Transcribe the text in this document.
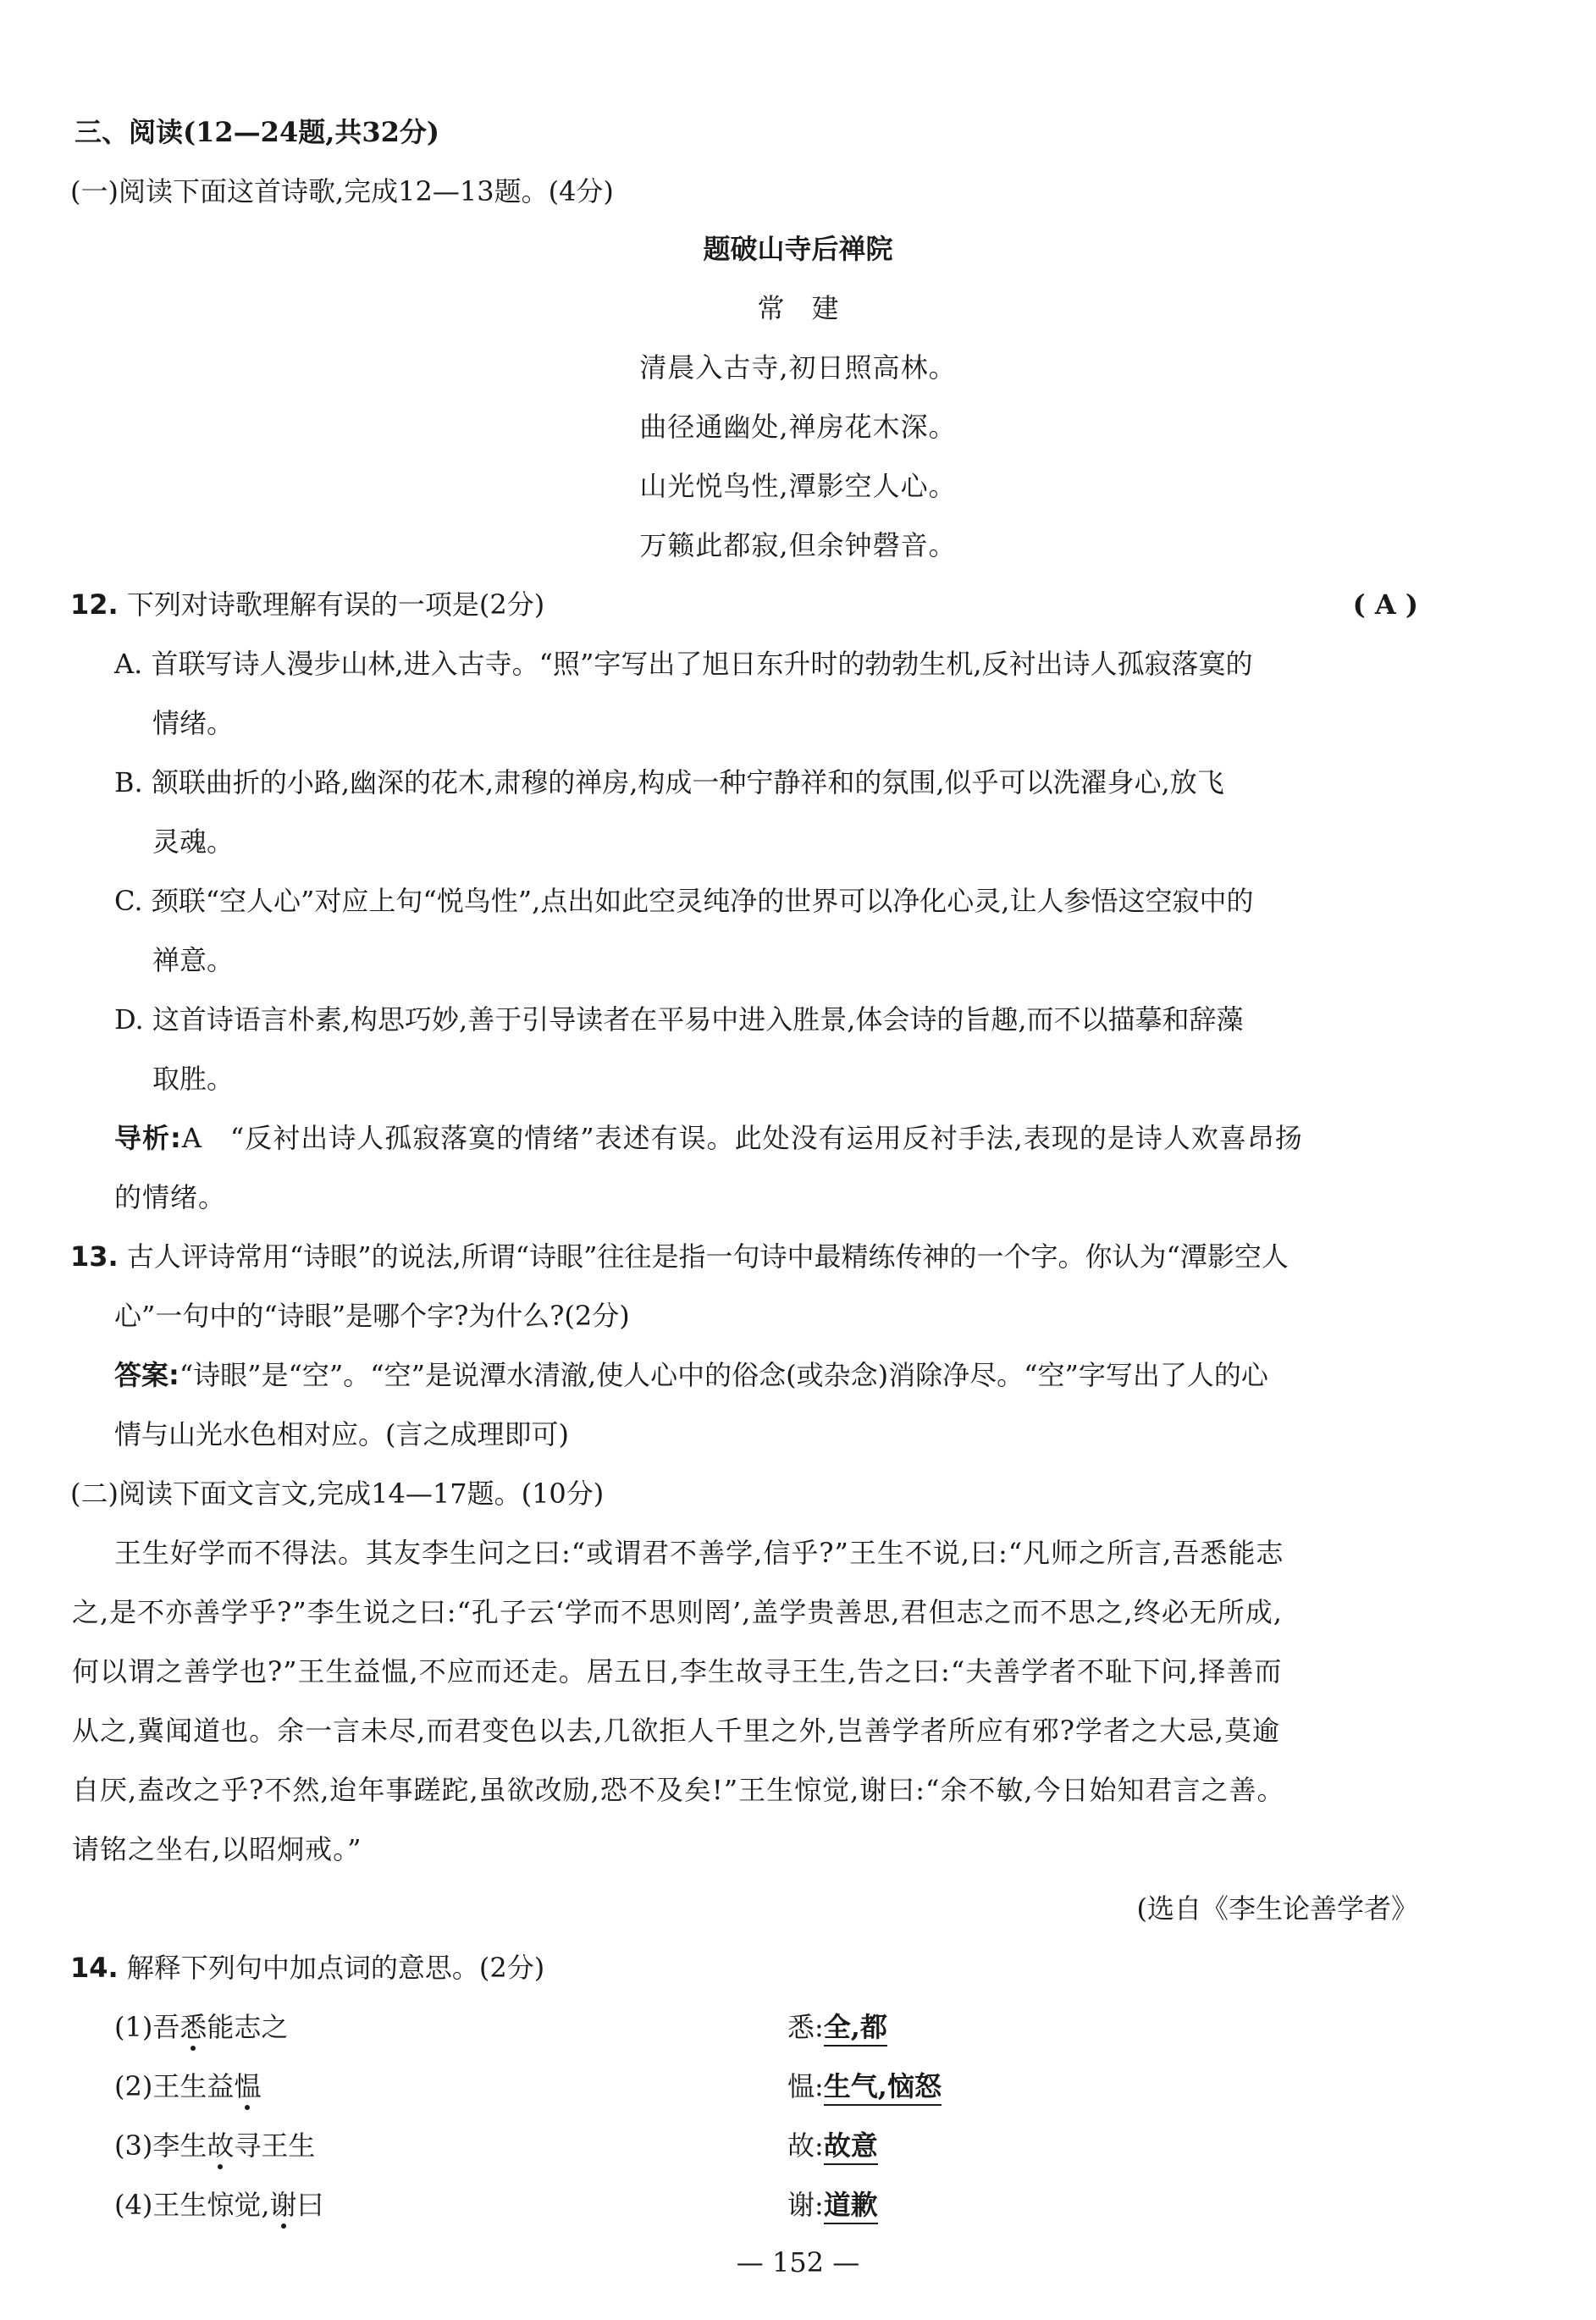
三、阅读(12—24题,共32分)
(一)阅读下面这首诗歌,完成12—13题。(4分)
题破山寺后禅院
常　建
清晨入古寺,初日照高林。
曲径通幽处,禅房花木深。
山光悦鸟性,潭影空人心。
万籁此都寂,但余钟磬音。
12. 下列对诗歌理解有误的一项是(2分)	( A )
A. 首联写诗人漫步山林,进入古寺。“照”字写出了旭日东升时的勃勃生机,反衬出诗人孤寂落寞的
情绪。
B. 颔联曲折的小路,幽深的花木,肃穆的禅房,构成一种宁静祥和的氛围,似乎可以洗濯身心,放飞
灵魂。
C. 颈联“空人心”对应上句“悦鸟性”,点出如此空灵纯净的世界可以净化心灵,让人参悟这空寂中的
禅意。
D. 这首诗语言朴素,构思巧妙,善于引导读者在平易中进入胜景,体会诗的旨趣,而不以描摹和辞藻
取胜。
导析:A　“反衬出诗人孤寂落寞的情绪”表述有误。此处没有运用反衬手法,表现的是诗人欢喜昂扬
的情绪。
13. 古人评诗常用“诗眼”的说法,所谓“诗眼”往往是指一句诗中最精练传神的一个字。你认为“潭影空人
心”一句中的“诗眼”是哪个字?为什么?(2分)
答案:“诗眼”是“空”。“空”是说潭水清澈,使人心中的俗念(或杂念)消除净尽。“空”字写出了人的心
情与山光水色相对应。(言之成理即可)
(二)阅读下面文言文,完成14—17题。(10分)
王生好学而不得法。其友李生问之曰:“或谓君不善学,信乎?”王生不说,曰:“凡师之所言,吾悉能志
之,是不亦善学乎?”李生说之曰:“孔子云‘学而不思则罔’,盖学贵善思,君但志之而不思之,终必无所成,
何以谓之善学也?”王生益愠,不应而还走。居五日,李生故寻王生,告之曰:“夫善学者不耻下问,择善而
从之,冀闻道也。余一言未尽,而君变色以去,几欲拒人千里之外,岂善学者所应有邪?学者之大忌,莫逾
自厌,盍改之乎?不然,迨年事蹉跎,虽欲改励,恐不及矣!”王生惊觉,谢曰:“余不敏,今日始知君言之善。
请铭之坐右,以昭炯戒。”
(选自《李生论善学者》
14. 解释下列句中加点词的意思。(2分)
(1)吾悉能志之	悉:全,都
(2)王生益愠	愠:生气,恼怒
(3)李生故寻王生	故:故意
(4)王生惊觉,谢曰	谢:道歉
— 152 —
